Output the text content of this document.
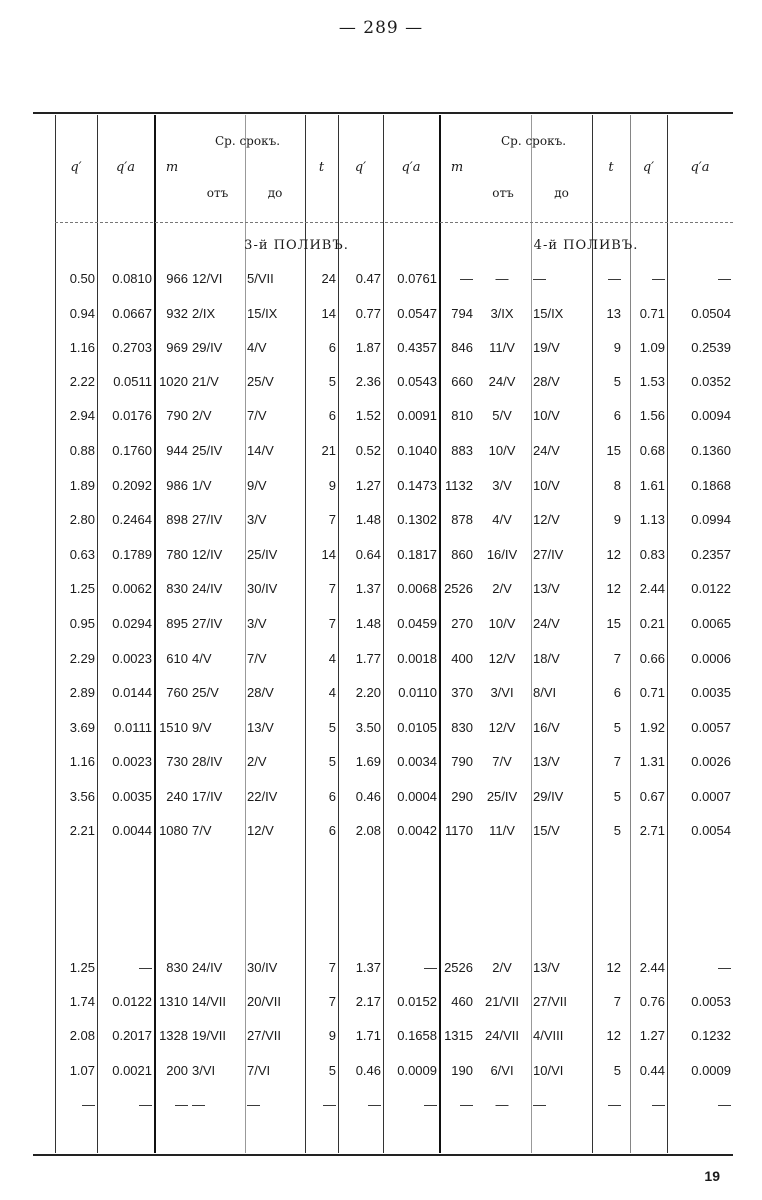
— 289 —
q′	q′a	m
Ср. срокъ.
отъ	до
t	q′	q′a	m
Ср. срокъ.
отъ	до
t	q′	q′a
3-й ПОЛИВЪ.	4-й ПОЛИВЪ.
0.50	0.0810	966 12/VI	5/VII	24	0.47	0.0761	—	—	—	—	—	—
0.94	0.0667	932 2/IX	15/IX	14	0.77	0.0547	794	3/IX	15/IX	13	0.71	0.0504
1.16	0.2703	969 29/IV	4/V	6	1.87	0.4357	846	11/V	19/V	9	1.09	0.2539
2.22	0.0511 1020 21/V	25/V	5	2.36	0.0543	660	24/V	28/V	5	1.53	0.0352
2.94	0.0176	790 2/V	7/V	6	1.52	0.0091	810	5/V	10/V	6	1.56	0.0094
0.88	0.1760	944 25/IV	14/V	21	0.52	0.1040	883	10/V	24/V	15	0.68	0.1360
1.89	0.2092	986 1/V	9/V	9	1.27	0.1473 1132	3/V	10/V	8	1.61	0.1868
2.80	0.2464	898 27/IV	3/V	7	1.48	0.1302	878	4/V	12/V	9	1.13	0.0994
0.63	0.1789	780 12/IV	25/IV	14	0.64	0.1817	860	16/IV	27/IV	12	0.83	0.2357
1.25	0.0062	830 24/IV	30/IV	7	1.37	0.0068 2526	2/V	13/V	12	2.44	0.0122
0.95	0.0294	895 27/IV	3/V	7	1.48	0.0459	270	10/V	24/V	15	0.21	0.0065
2.29	0.0023	610 4/V	7/V	4	1.77	0.0018	400	12/V	18/V	7	0.66	0.0006
2.89	0.0144	760 25/V	28/V	4	2.20	0.0110	370	3/VI	8/VI	6	0.71	0.0035
3.69	0.0111 1510 9/V	13/V	5	3.50	0.0105	830	12/V	16/V	5	1.92	0.0057
1.16	0.0023	730 28/IV	2/V	5	1.69	0.0034	790	7/V	13/V	7	1.31	0.0026
3.56	0.0035	240 17/IV	22/IV	6	0.46	0.0004	290	25/IV	29/IV	5	0.67	0.0007
2.21	0.0044 1080 7/V	12/V	6	2.08	0.0042 1170	11/V	15/V	5	2.71	0.0054
1.25	—	830 24/IV	30/IV	7	1.37	— 2526	2/V	13/V	12	2.44	—
1.74	0.0122 1310 14/VII	20/VII	7	2.17	0.0152	460 21/VII	27/VII	7	0.76	0.0053
2.08	0.2017 1328 19/VII	27/VII	9	1.71	0.1658 1315 24/VII	4/VIII	12	1.27	0.1232
1.07	0.0021	200 3/VI	7/VI	5	0.46	0.0009	190	6/VI	10/VI	5	0.44	0.0009
—	—	— —	—	—	—	—	—	—	—	—	—	—
19
